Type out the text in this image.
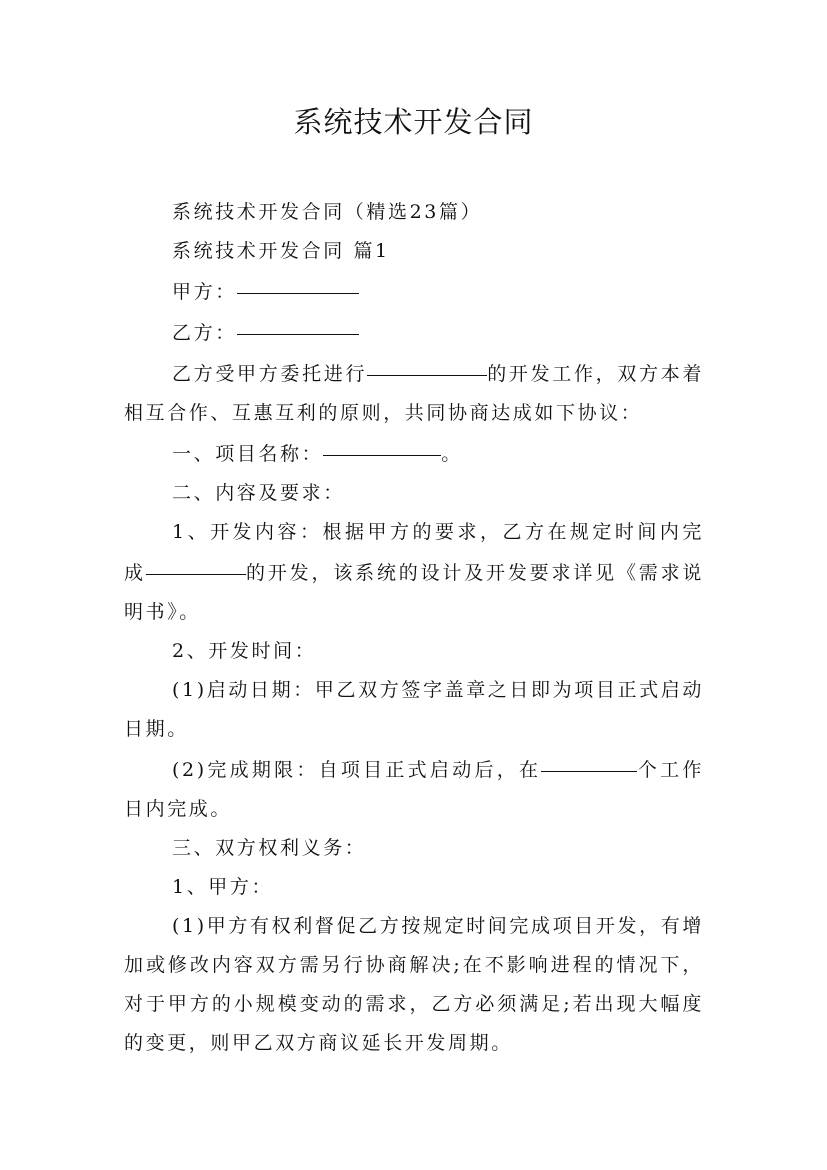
系统技术开发合同

系统技术开发合同（精选23篇）

系统技术开发合同 篇1

甲方：

乙方：

乙方受甲方委托进行	的开发工作，双方本着相互合作、互惠互利的原则，共同协商达成如下协议：

一、项目名称：	。

二、内容及要求：

1、开发内容：根据甲方的要求，乙方在规定时间内完成	的开发，该系统的设计及开发要求详见《需求说明书》。

2、开发时间：

(1)启动日期：甲乙双方签字盖章之日即为项目正式启动日期。

(2)完成期限：自项目正式启动后，在	个工作日内完成。

三、双方权利义务：

1、甲方：

(1)甲方有权利督促乙方按规定时间完成项目开发，有增加或修改内容双方需另行协商解决;在不影响进程的情况下，对于甲方的小规模变动的需求，乙方必须满足;若出现大幅度的变更，则甲乙双方商议延长开发周期。
